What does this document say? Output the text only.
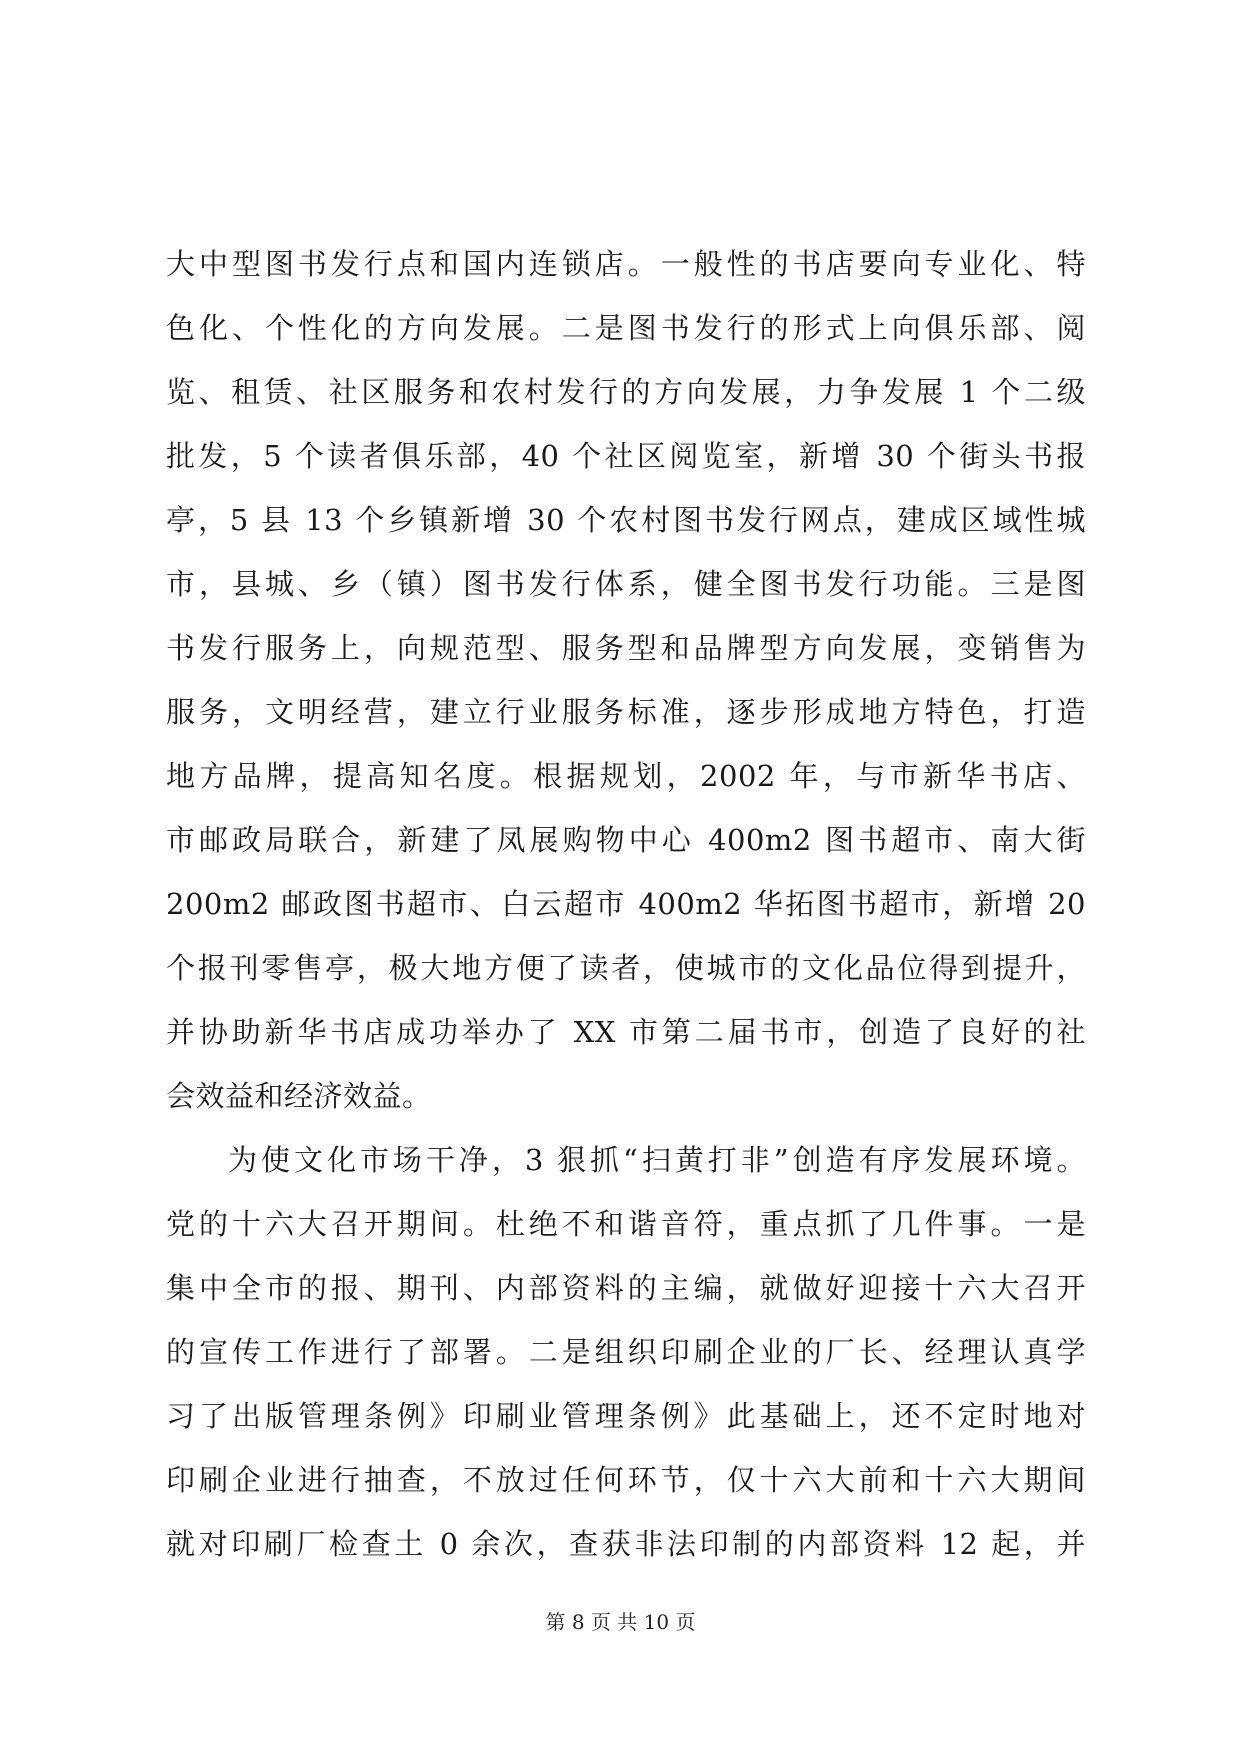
大中型图书发行点和国内连锁店。一般性的书店要向专业化、特
色化、个性化的方向发展。二是图书发行的形式上向俱乐部、阅
览、租赁、社区服务和农村发行的方向发展，力争发展 1 个二级
批发，5 个读者俱乐部，40 个社区阅览室，新增 30 个街头书报
亭，5 县 13 个乡镇新增 30 个农村图书发行网点，建成区域性城
市，县城、乡（镇）图书发行体系，健全图书发行功能。三是图
书发行服务上，向规范型、服务型和品牌型方向发展，变销售为
服务，文明经营，建立行业服务标准，逐步形成地方特色，打造
地方品牌，提高知名度。根据规划，2002 年，与市新华书店、
市邮政局联合，新建了凤展购物中心 400m2 图书超市、南大街
200m2 邮政图书超市、白云超市 400m2 华拓图书超市，新增 20
个报刊零售亭，极大地方便了读者，使城市的文化品位得到提升，
并协助新华书店成功举办了 XX 市第二届书市，创造了良好的社
会效益和经济效益。
为使文化市场干净，3 狠抓“扫黄打非”创造有序发展环境。
党的十六大召开期间。杜绝不和谐音符，重点抓了几件事。一是
集中全市的报、期刊、内部资料的主编，就做好迎接十六大召开
的宣传工作进行了部署。二是组织印刷企业的厂长、经理认真学
习了出版管理条例》印刷业管理条例》此基础上，还不定时地对
印刷企业进行抽查，不放过任何环节，仅十六大前和十六大期间
就对印刷厂检查土 0 余次，查获非法印制的内部资料 12 起，并
第 8 页 共 10 页
